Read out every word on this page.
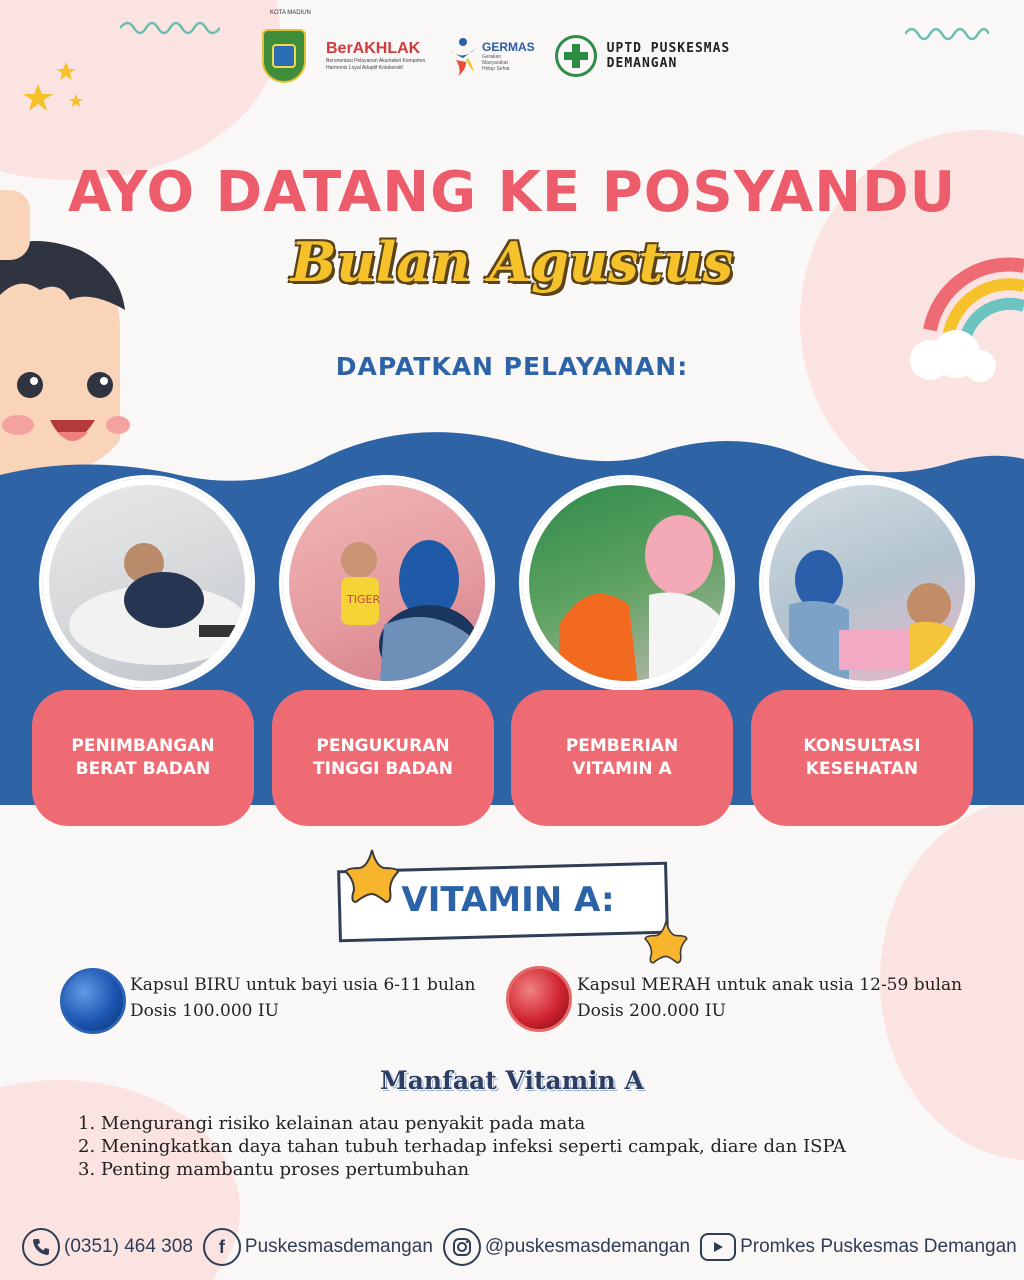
BerAKHLAK
Berorientasi Pelayanan Akuntabel Kompeten Harmonis Loyal Adaptif Kolaboratif
GERMAS
Gerakan Masyarakat Hidup Sehat
UPTD PUSKESMAS
DEMANGAN
KOTA MADIUN
AYO DATANG KE POSYANDU
Bulan Agustus
DAPATKAN PELAYANAN:
TIGER
PENIMBANGAN
BERAT BADAN
PENGUKURAN
TINGGI BADAN
PEMBERIAN
VITAMIN A
KONSULTASI
KESEHATAN
VITAMIN A:
Kapsul BIRU untuk bayi usia 6-11 bulan
Dosis 100.000 IU
Kapsul MERAH untuk anak usia 12-59 bulan
Dosis 200.000 IU
Manfaat Vitamin A
1. Mengurangi risiko kelainan atau penyakit pada mata
2. Meningkatkan daya tahan tubuh terhadap infeksi seperti campak, diare dan ISPA
3. Penting mambantu proses pertumbuhan
(0351) 464 308	f	Puskesmasdemangan	@puskesmasdemangan	Promkes Puskesmas Demangan
